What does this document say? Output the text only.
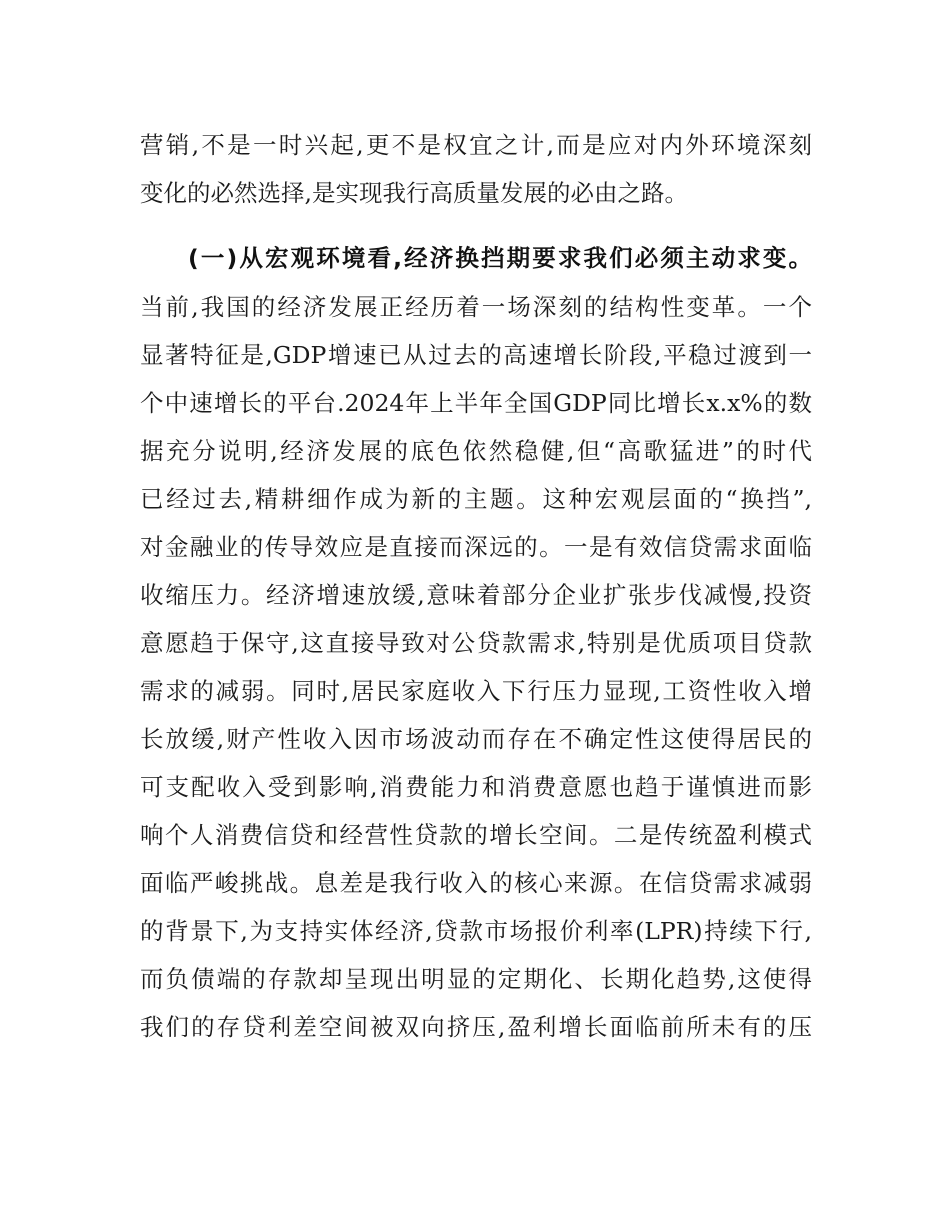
营销,不是一时兴起,更不是权宜之计,而是应对内外环境深刻
变化的必然选择,是实现我行高质量发展的必由之路。
(一)从宏观环境看,经济换挡期要求我们必须主动求变。
当前,我国的经济发展正经历着一场深刻的结构性变革。一个
显著特征是,GDP增速已从过去的高速增长阶段,平稳过渡到一
个中速增长的平台.2024年上半年全国GDP同比增长x.x%的数
据充分说明,经济发展的底色依然稳健,但“高歌猛进”的时代
已经过去,精耕细作成为新的主题。这种宏观层面的“换挡”,
对金融业的传导效应是直接而深远的。一是有效信贷需求面临
收缩压力。经济增速放缓,意味着部分企业扩张步伐减慢,投资
意愿趋于保守,这直接导致对公贷款需求,特别是优质项目贷款
需求的减弱。同时,居民家庭收入下行压力显现,工资性收入增
长放缓,财产性收入因市场波动而存在不确定性这使得居民的
可支配收入受到影响,消费能力和消费意愿也趋于谨慎进而影
响个人消费信贷和经营性贷款的增长空间。二是传统盈利模式
面临严峻挑战。息差是我行收入的核心来源。在信贷需求减弱
的背景下,为支持实体经济,贷款市场报价利率(LPR)持续下行,
而负债端的存款却呈现出明显的定期化、长期化趋势,这使得
我们的存贷利差空间被双向挤压,盈利增长面临前所未有的压
